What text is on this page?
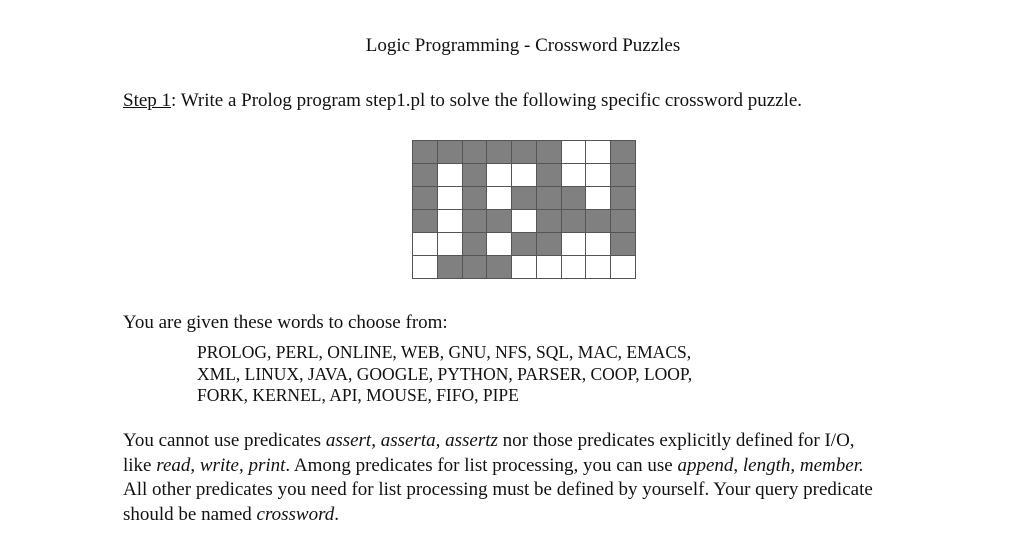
Logic Programming - Crossword Puzzles
Step 1: Write a Prolog program step1.pl to solve the following specific crossword puzzle.
You are given these words to choose from:
PROLOG, PERL, ONLINE, WEB, GNU, NFS, SQL, MAC, EMACS,
XML, LINUX, JAVA, GOOGLE, PYTHON, PARSER, COOP, LOOP,
FORK, KERNEL, API, MOUSE, FIFO, PIPE
You cannot use predicates assert, asserta, assertz nor those predicates explicitly defined for I/O,
like read, write, print. Among predicates for list processing, you can use append, length, member.
All other predicates you need for list processing must be defined by yourself. Your query predicate
should be named crossword.
